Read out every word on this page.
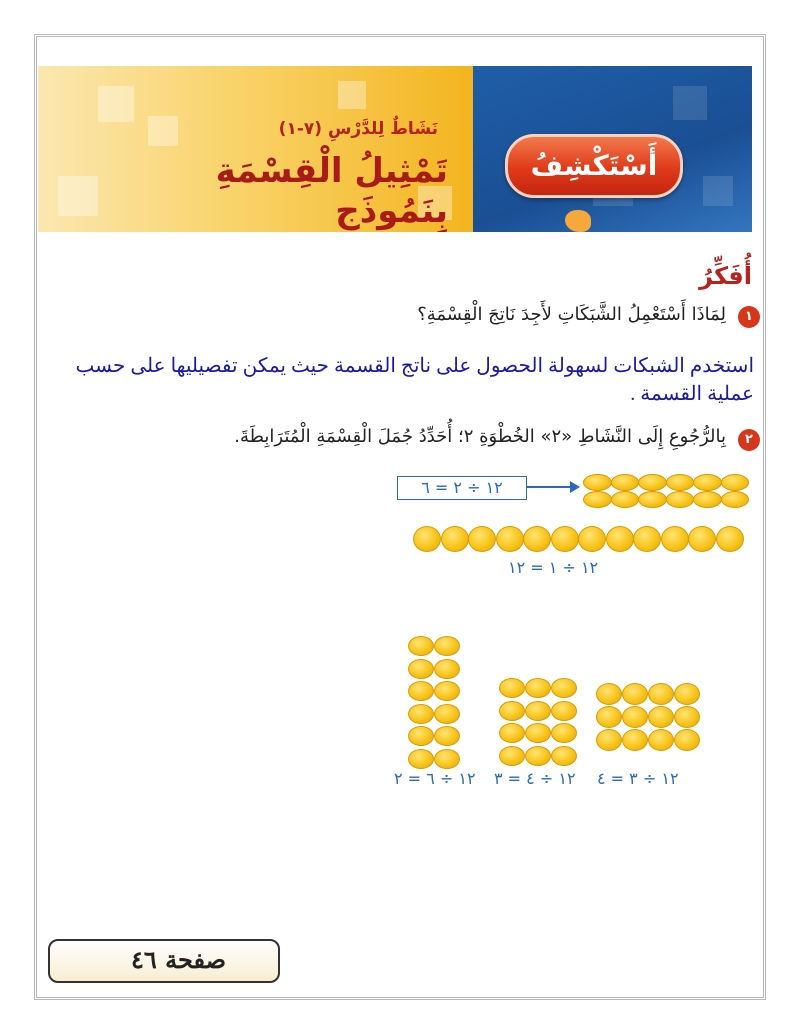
نَشَاطٌ لِلدَّرْسِ (٧-١)
تَمْثِيلُ الْقِسْمَةِ بِنَمُوذَجٍ
أَسْتَكْشِفُ
أُفَكِّرُ
١
لِمَاذَا أَسْتَعْمِلُ الشَّبَكَاتِ لأَجِدَ نَاتِجَ الْقِسْمَةِ؟
استخدم الشبكات لسهولة الحصول على ناتج القسمة حيث يمكن تفصيليها على حسب عملية القسمة .
٢
بِالرُّجُوعِ إِلَى النَّشَاطِ «٢» الخُطْوَةِ ٢؛ أُحَدِّدُ جُمَلَ الْقِسْمَةِ الْمُتَرَابِطَةَ.
١٢ ÷ ٢ = ٦
١٢ ÷ ١ = ١٢
١٢ ÷ ٦ = ٢ ١٢ ÷ ٤ = ٣ ١٢ ÷ ٣ = ٤
صفحة ٤٦
